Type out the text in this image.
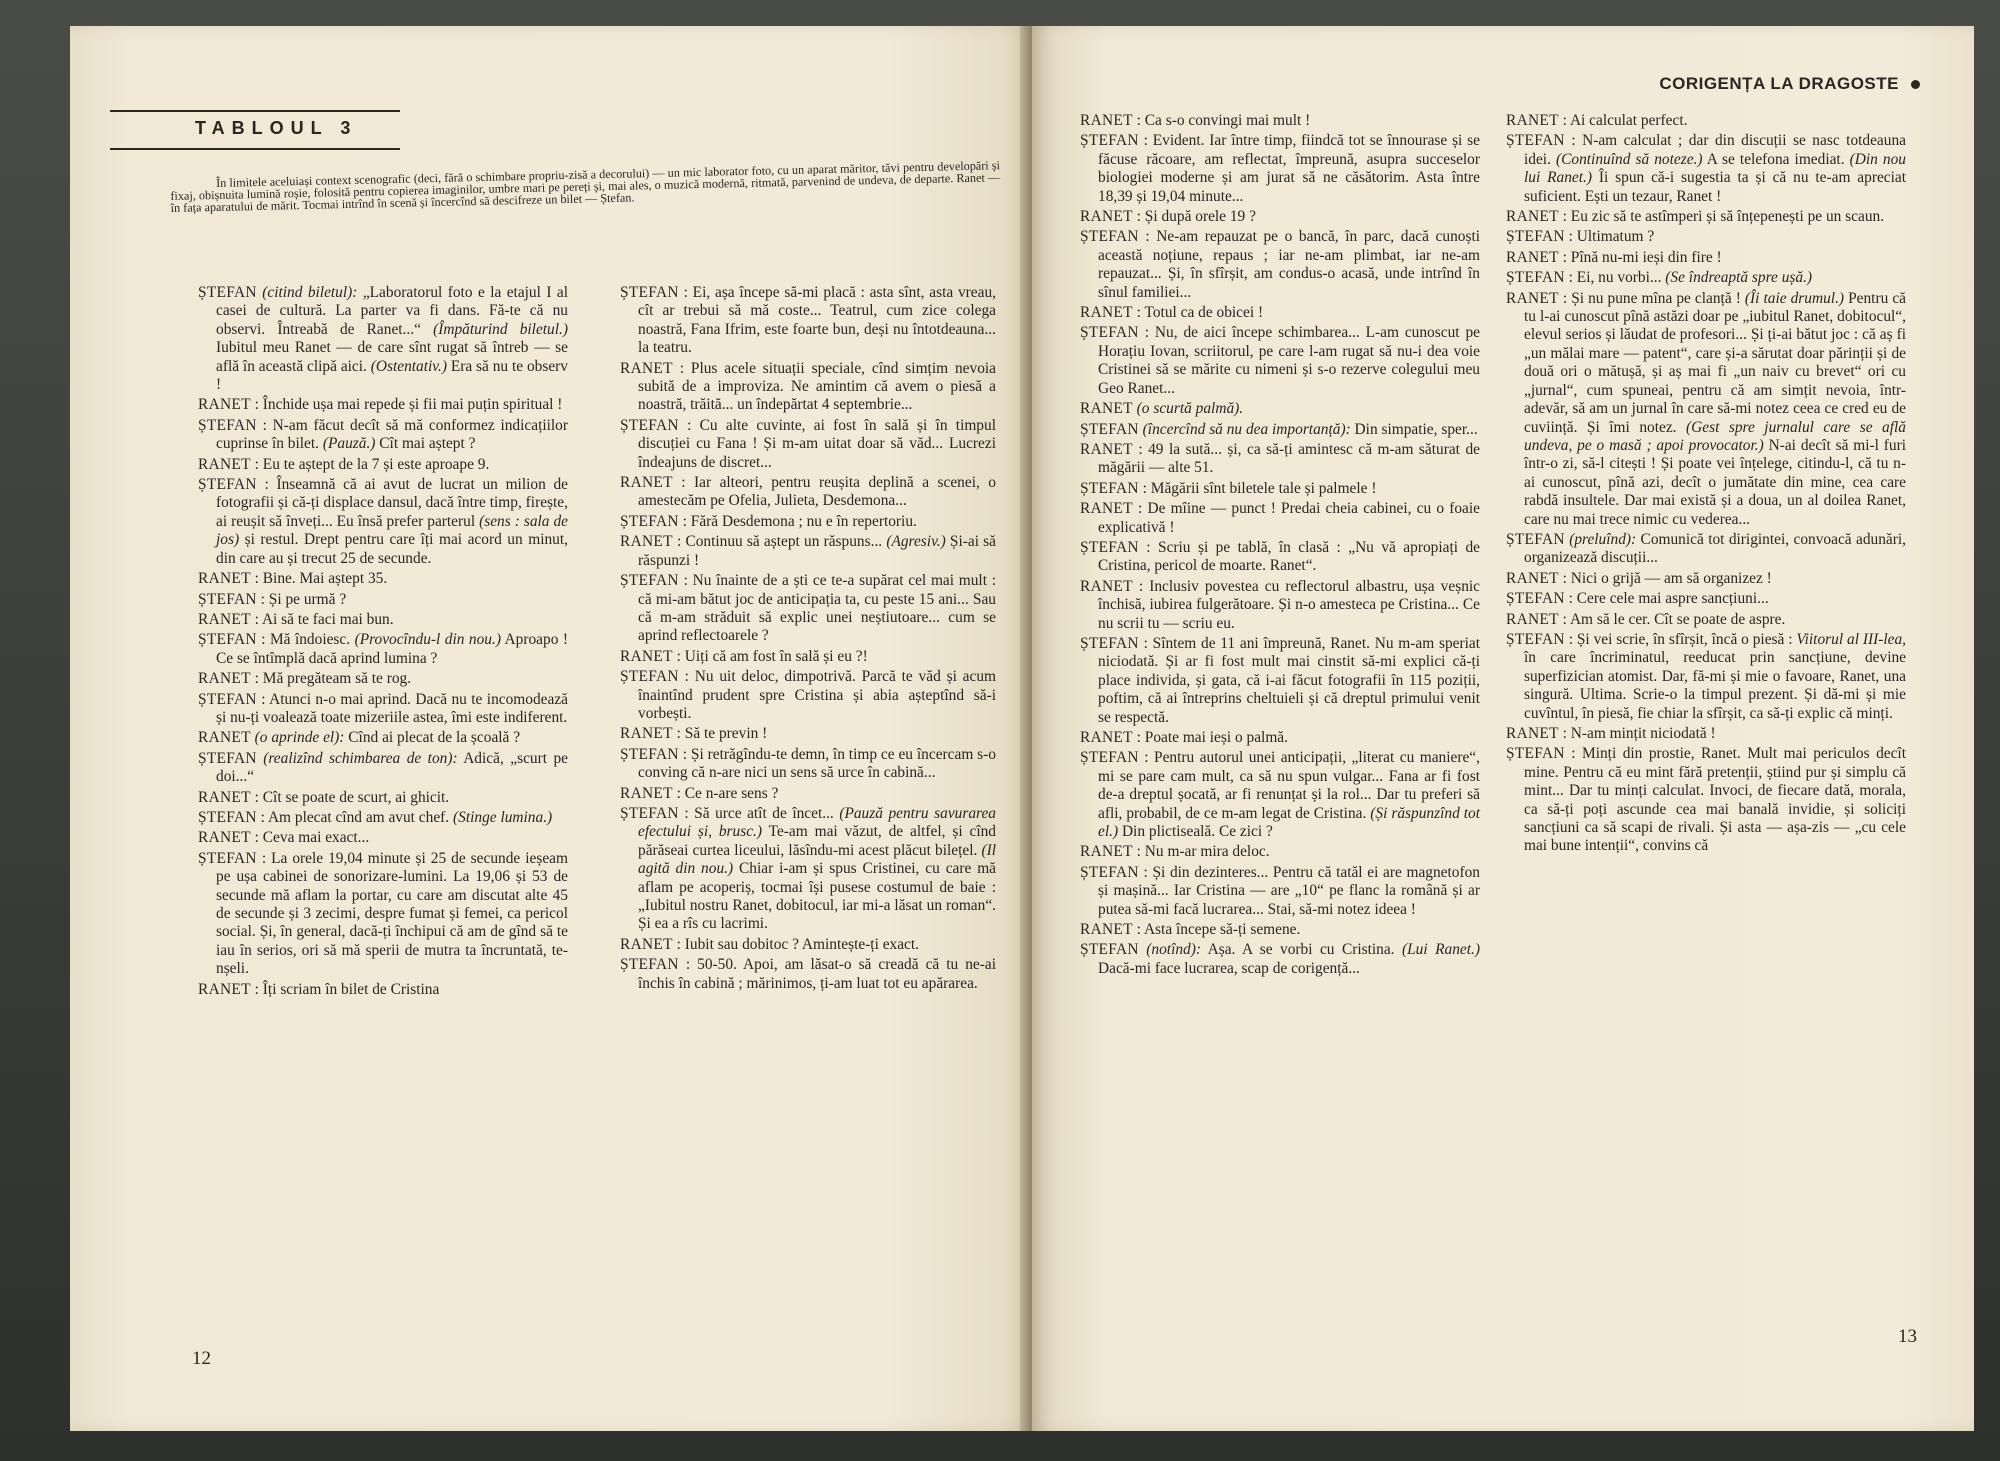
TABLOUL 3

În limitele aceluiași context scenografic (deci, fără o schimbare propriu-zisă a decorului) — un mic laborator foto, cu un aparat măritor, tăvi pentru developări și fixaj, obișnuita lumină roșie, folosită pentru copierea imaginilor, umbre mari pe pereți și, mai ales, o muzică modernă, ritmată, parvenind de undeva, de departe. Ranet — în fața aparatului de mărit. Tocmai intrînd în scenă și încercînd să descifreze un bilet — Ștefan.

ȘTEFAN (citind biletul): „Laboratorul foto e la etajul I al casei de cultură. La parter va fi dans. Fă-te că nu observi. Întreabă de Ranet...“ (Împăturind biletul.) Iubitul meu Ranet — de care sînt rugat să întreb — se află în această clipă aici. (Ostentativ.) Era să nu te observ !

RANET : Închide ușa mai repede și fii mai puțin spiritual !

ȘTEFAN : N-am făcut decît să mă conformez indicațiilor cuprinse în bilet. (Pauză.) Cît mai aștept ?

RANET : Eu te aștept de la 7 și este aproape 9.

ȘTEFAN : Înseamnă că ai avut de lucrat un milion de fotografii și că-ți displace dansul, dacă între timp, firește, ai reușit să înveți... Eu însă prefer parterul (sens : sala de jos) și restul. Drept pentru care îți mai acord un minut, din care au și trecut 25 de secunde.

RANET : Bine. Mai aștept 35.

ȘTEFAN : Și pe urmă ?

RANET : Ai să te faci mai bun.

ȘTEFAN : Mă îndoiesc. (Provocîndu-l din nou.) Aproapo ! Ce se întîmplă dacă aprind lumina ?

RANET : Mă pregăteam să te rog.

ȘTEFAN : Atunci n-o mai aprind. Dacă nu te incomodează și nu-ți voalează toate mizeriile astea, îmi este indiferent.

RANET (o aprinde el): Cînd ai plecat de la școală ?

ȘTEFAN (realizînd schimbarea de ton): Adică, „scurt pe doi...“

RANET : Cît se poate de scurt, ai ghicit.

ȘTEFAN : Am plecat cînd am avut chef. (Stinge lumina.)

RANET : Ceva mai exact...

ȘTEFAN : La orele 19,04 minute și 25 de secunde ieșeam pe ușa cabinei de sonorizare-lumini. La 19,06 și 53 de secunde mă aflam la portar, cu care am discutat alte 45 de secunde și 3 zecimi, despre fumat și femei, ca pericol social. Și, în general, dacă-ți închipui că am de gînd să te iau în serios, ori să mă sperii de mutra ta încruntată, te-nșeli.

RANET : Îți scriam în bilet de Cristina

ȘTEFAN : Ei, așa începe să-mi placă : asta sînt, asta vreau, cît ar trebui să mă coste... Teatrul, cum zice colega noastră, Fana Ifrim, este foarte bun, deși nu întotdeauna... la teatru.

RANET : Plus acele situații speciale, cînd simțim nevoia subită de a improviza. Ne amintim că avem o piesă a noastră, trăită... un îndepărtat 4 septembrie...

ȘTEFAN : Cu alte cuvinte, ai fost în sală și în timpul discuției cu Fana ! Și m-am uitat doar să văd... Lucrezi îndeajuns de discret...

RANET : Iar alteori, pentru reușita deplină a scenei, o amestecăm pe Ofelia, Julieta, Desdemona...

ȘTEFAN : Fără Desdemona ; nu e în repertoriu.

RANET : Continuu să aștept un răspuns... (Agresiv.) Și-ai să răspunzi !

ȘTEFAN : Nu înainte de a ști ce te-a supărat cel mai mult : că mi-am bătut joc de anticipația ta, cu peste 15 ani... Sau că m-am străduit să explic unei neștiutoare... cum se aprind reflectoarele ?

RANET : Uiți că am fost în sală și eu ?!

ȘTEFAN : Nu uit deloc, dimpotrivă. Parcă te văd și acum înaintînd prudent spre Cristina și abia așteptînd să-i vorbești.

RANET : Să te previn !

ȘTEFAN : Și retrăgîndu-te demn, în timp ce eu încercam s-o conving că n-are nici un sens să urce în cabină...

RANET : Ce n-are sens ?

ȘTEFAN : Să urce atît de încet... (Pauză pentru savurarea efectului și, brusc.) Te-am mai văzut, de altfel, și cînd părăseai curtea liceului, lăsîndu-mi acest plăcut bilețel. (Il agită din nou.) Chiar i-am și spus Cristinei, cu care mă aflam pe acoperiș, tocmai își pusese costumul de baie : „Iubitul nostru Ranet, dobitocul, iar mi-a lăsat un roman“. Și ea a rîs cu lacrimi.

RANET : Iubit sau dobitoc ? Amintește-ți exact.

ȘTEFAN : 50-50. Apoi, am lăsat-o să creadă că tu ne-ai închis în cabină ; mărinimos, ți-am luat tot eu apărarea.

12

CORIGENȚA LA DRAGOSTE

RANET : Ca s-o convingi mai mult !

ȘTEFAN : Evident. Iar între timp, fiindcă tot se înnourase și se făcuse răcoare, am reflectat, împreună, asupra succeselor biologiei moderne și am jurat să ne căsătorim. Asta între 18,39 și 19,04 minute...

RANET : Și după orele 19 ?

ȘTEFAN : Ne-am repauzat pe o bancă, în parc, dacă cunoști această noțiune, repaus ; iar ne-am plimbat, iar ne-am repauzat... Și, în sfîrșit, am condus-o acasă, unde intrînd în sînul familiei...

RANET : Totul ca de obicei !

ȘTEFAN : Nu, de aici începe schimbarea... L-am cunoscut pe Horațiu Iovan, scriitorul, pe care l-am rugat să nu-i dea voie Cristinei să se mărite cu nimeni și s-o rezerve colegului meu Geo Ranet...

RANET (o scurtă palmă).

ȘTEFAN (încercînd să nu dea importanță): Din simpatie, sper...

RANET : 49 la sută... și, ca să-ți amintesc că m-am săturat de măgării — alte 51.

ȘTEFAN : Măgării sînt biletele tale și palmele !

RANET : De mîine — punct ! Predai cheia cabinei, cu o foaie explicativă !

ȘTEFAN : Scriu și pe tablă, în clasă : „Nu vă apropiați de Cristina, pericol de moarte. Ranet“.

RANET : Inclusiv povestea cu reflectorul albastru, ușa veșnic închisă, iubirea fulgerătoare. Și n-o amesteca pe Cristina... Ce nu scrii tu — scriu eu.

ȘTEFAN : Sîntem de 11 ani împreună, Ranet. Nu m-am speriat niciodată. Și ar fi fost mult mai cinstit să-mi explici că-ți place individa, și gata, că i-ai făcut fotografii în 115 poziții, poftim, că ai întreprins cheltuieli și că dreptul primului venit se respectă.

RANET : Poate mai ieși o palmă.

ȘTEFAN : Pentru autorul unei anticipații, „literat cu maniere“, mi se pare cam mult, ca să nu spun vulgar... Fana ar fi fost de-a dreptul șocată, ar fi renunțat și la rol... Dar tu preferi să afli, probabil, de ce m-am legat de Cristina. (Și răspunzînd tot el.) Din plictiseală. Ce zici ?

RANET : Nu m-ar mira deloc.

ȘTEFAN : Și din dezinteres... Pentru că tatăl ei are magnetofon și mașină... Iar Cristina — are „10“ pe flanc la română și ar putea să-mi facă lucrarea... Stai, să-mi notez ideea !

RANET : Asta începe să-ți semene.

ȘTEFAN (notînd): Așa. A se vorbi cu Cristina. (Lui Ranet.) Dacă-mi face lucrarea, scap de corigență...

RANET : Ai calculat perfect.

ȘTEFAN : N-am calculat ; dar din discuții se nasc totdeauna idei. (Continuînd să noteze.) A se telefona imediat. (Din nou lui Ranet.) Îi spun că-i sugestia ta și că nu te-am apreciat suficient. Ești un tezaur, Ranet !

RANET : Eu zic să te astîmperi și să înțepenești pe un scaun.

ȘTEFAN : Ultimatum ?

RANET : Pînă nu-mi ieși din fire !

ȘTEFAN : Ei, nu vorbi... (Se îndreaptă spre ușă.)

RANET : Și nu pune mîna pe clanță ! (Îi taie drumul.) Pentru că tu l-ai cunoscut pînă astăzi doar pe „iubitul Ranet, dobitocul“, elevul serios și lăudat de profesori... Și ți-ai bătut joc : că aș fi „un mălai mare — patent“, care și-a sărutat doar părinții și de două ori o mătușă, și aș mai fi „un naiv cu brevet“ ori cu „jurnal“, cum spuneai, pentru că am simțit nevoia, într-adevăr, să am un jurnal în care să-mi notez ceea ce cred eu de cuviință. Și îmi notez. (Gest spre jurnalul care se află undeva, pe o masă ; apoi provocator.) N-ai decît să mi-l furi într-o zi, să-l citești ! Și poate vei înțelege, citindu-l, că tu n-ai cunoscut, pînă azi, decît o jumătate din mine, cea care rabdă insultele. Dar mai există și a doua, un al doilea Ranet, care nu mai trece nimic cu vederea...

ȘTEFAN (preluînd): Comunică tot dirigintei, convoacă adunări, organizează discuții...

RANET : Nici o grijă — am să organizez !

ȘTEFAN : Cere cele mai aspre sancțiuni...

RANET : Am să le cer. Cît se poate de aspre.

ȘTEFAN : Și vei scrie, în sfîrșit, încă o piesă : Viitorul al III-lea, în care încriminatul, reeducat prin sancțiune, devine superfizician atomist. Dar, fă-mi și mie o favoare, Ranet, una singură. Ultima. Scrie-o la timpul prezent. Și dă-mi și mie cuvîntul, în piesă, fie chiar la sfîrșit, ca să-ți explic că minți.

RANET : N-am mințit niciodată !

ȘTEFAN : Minți din prostie, Ranet. Mult mai periculos decît mine. Pentru că eu mint fără pretenții, știind pur și simplu că mint... Dar tu minți calculat. Invoci, de fiecare dată, morala, ca să-ți poți ascunde cea mai banală invidie, și soliciți sancțiuni ca să scapi de rivali. Și asta — așa-zis — „cu cele mai bune intenții“, convins că

13
